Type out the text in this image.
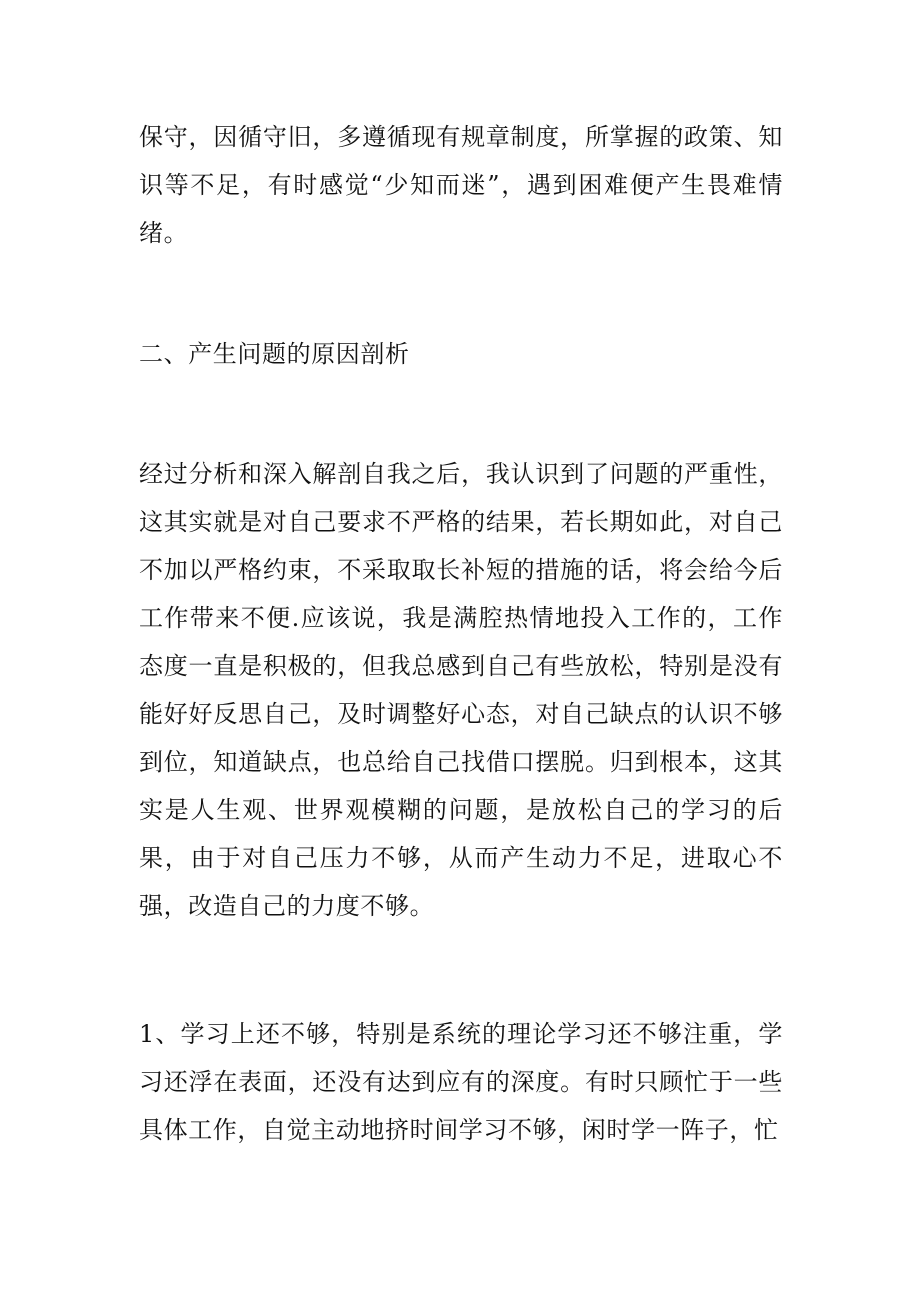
保守，因循守旧，多遵循现有规章制度，所掌握的政策、知识等不足，有时感觉“少知而迷”，遇到困难便产生畏难情绪。

二、产生问题的原因剖析

经过分析和深入解剖自我之后，我认识到了问题的严重性，这其实就是对自己要求不严格的结果，若长期如此，对自己不加以严格约束，不采取取长补短的措施的话，将会给今后工作带来不便.应该说，我是满腔热情地投入工作的，工作态度一直是积极的，但我总感到自己有些放松，特别是没有能好好反思自己，及时调整好心态，对自己缺点的认识不够到位，知道缺点，也总给自己找借口摆脱。归到根本，这其实是人生观、世界观模糊的问题，是放松自己的学习的后果，由于对自己压力不够，从而产生动力不足，进取心不强，改造自己的力度不够。

1、学习上还不够，特别是系统的理论学习还不够注重，学习还浮在表面，还没有达到应有的深度。有时只顾忙于一些具体工作，自觉主动地挤时间学习不够，闲时学一阵子，忙
